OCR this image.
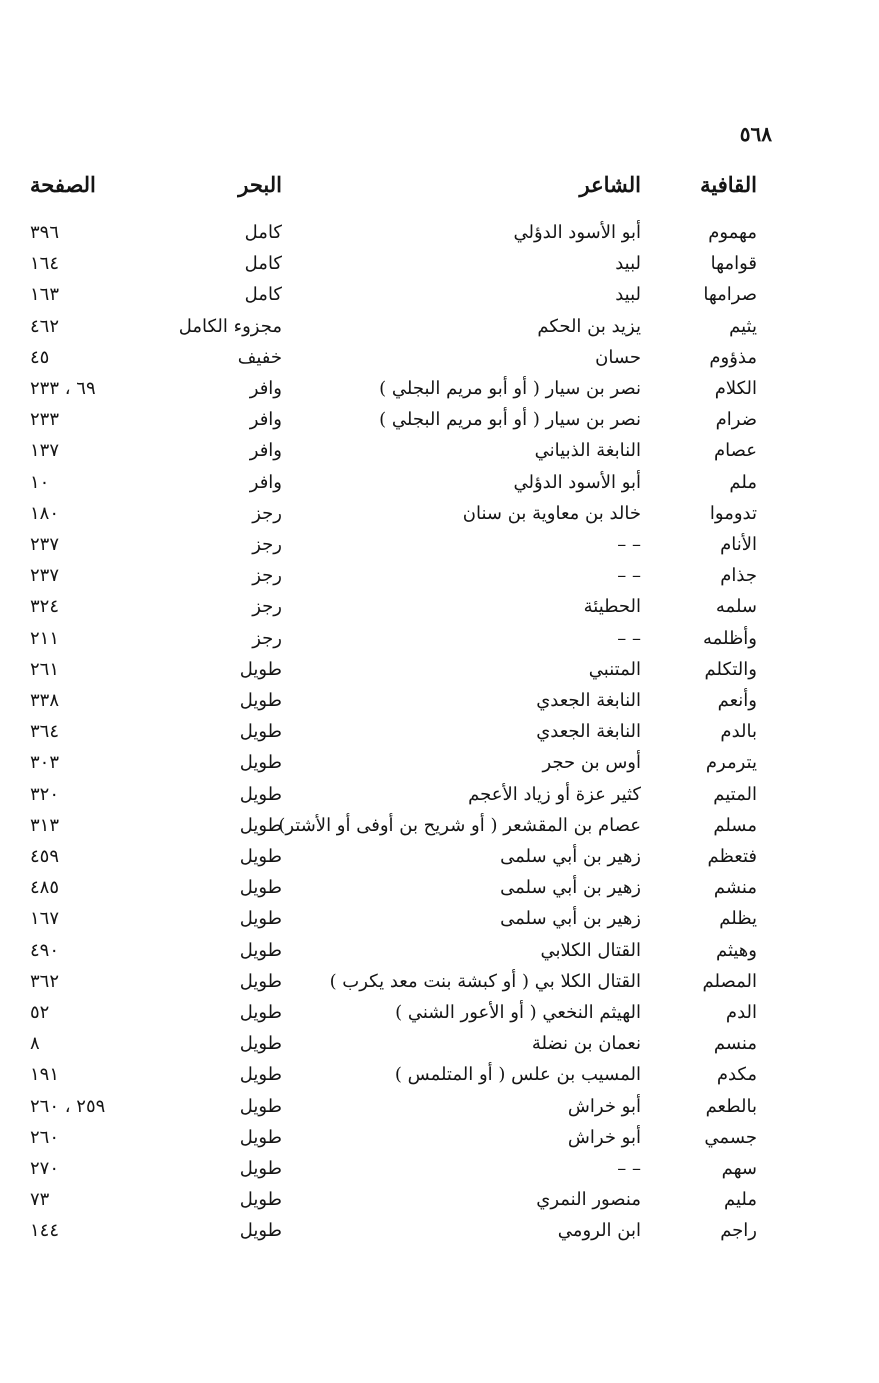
٥٦٨
القافية
الشاعر
البحر
الصفحة
مهموم
أبو الأسود الدؤلي
كامل
٣٩٦
قوامها
لبيد
كامل
١٦٤
صرامها
لبيد
كامل
١٦٣
يثيم
يزيد بن الحكم
مجزوء الكامل
٤٦٢
مذؤوم
حسان
خفيف
٤٥
الكلام
نصر بن سيار ( أو أبو مريم البجلي )
وافر
٦٩ ، ٢٣٣
ضرام
نصر بن سيار ( أو أبو مريم البجلي )
وافر
٢٣٣
عصام
النابغة الذبياني
وافر
١٣٧
ملم
أبو الأسود الدؤلي
وافر
١٠
تدوموا
خالد بن معاوية بن سنان
رجز
١٨٠
الأنام
– –
رجز
٢٣٧
جذام
– –
رجز
٢٣٧
سلمه
الحطيئة
رجز
٣٢٤
وأظلمه
– –
رجز
٢١١
والتكلم
المتنبي
طويل
٢٦١
وأنعم
النابغة الجعدي
طويل
٣٣٨
بالدم
النابغة الجعدي
طويل
٣٦٤
يترمرم
أوس بن حجر
طويل
٣٠٣
المتيم
كثير عزة أو زياد الأعجم
طويل
٣٢٠
مسلم
عصام بن المقشعر ( أو شريح بن أوفى أو الأشتر)
طويل
٣١٣
فتعظم
زهير بن أبي سلمى
طويل
٤٥٩
منشم
زهير بن أبي سلمى
طويل
٤٨٥
يظلم
زهير بن أبي سلمى
طويل
١٦٧
وهيثم
القتال الكلابي
طويل
٤٩٠
المصلم
القتال الكلا بي ( أو كبشة بنت معد يكرب )
طويل
٣٦٢
الدم
الهيثم النخعي ( أو الأعور الشني )
طويل
٥٢
منسم
نعمان بن نضلة
طويل
٨
مكدم
المسيب بن علس ( أو المتلمس )
طويل
١٩١
بالطعم
أبو خراش
طويل
٢٥٩ ، ٢٦٠
جسمي
أبو خراش
طويل
٢٦٠
سهم
– –
طويل
٢٧٠
مليم
منصور النمري
طويل
٧٣
راجم
ابن الرومي
طويل
١٤٤
